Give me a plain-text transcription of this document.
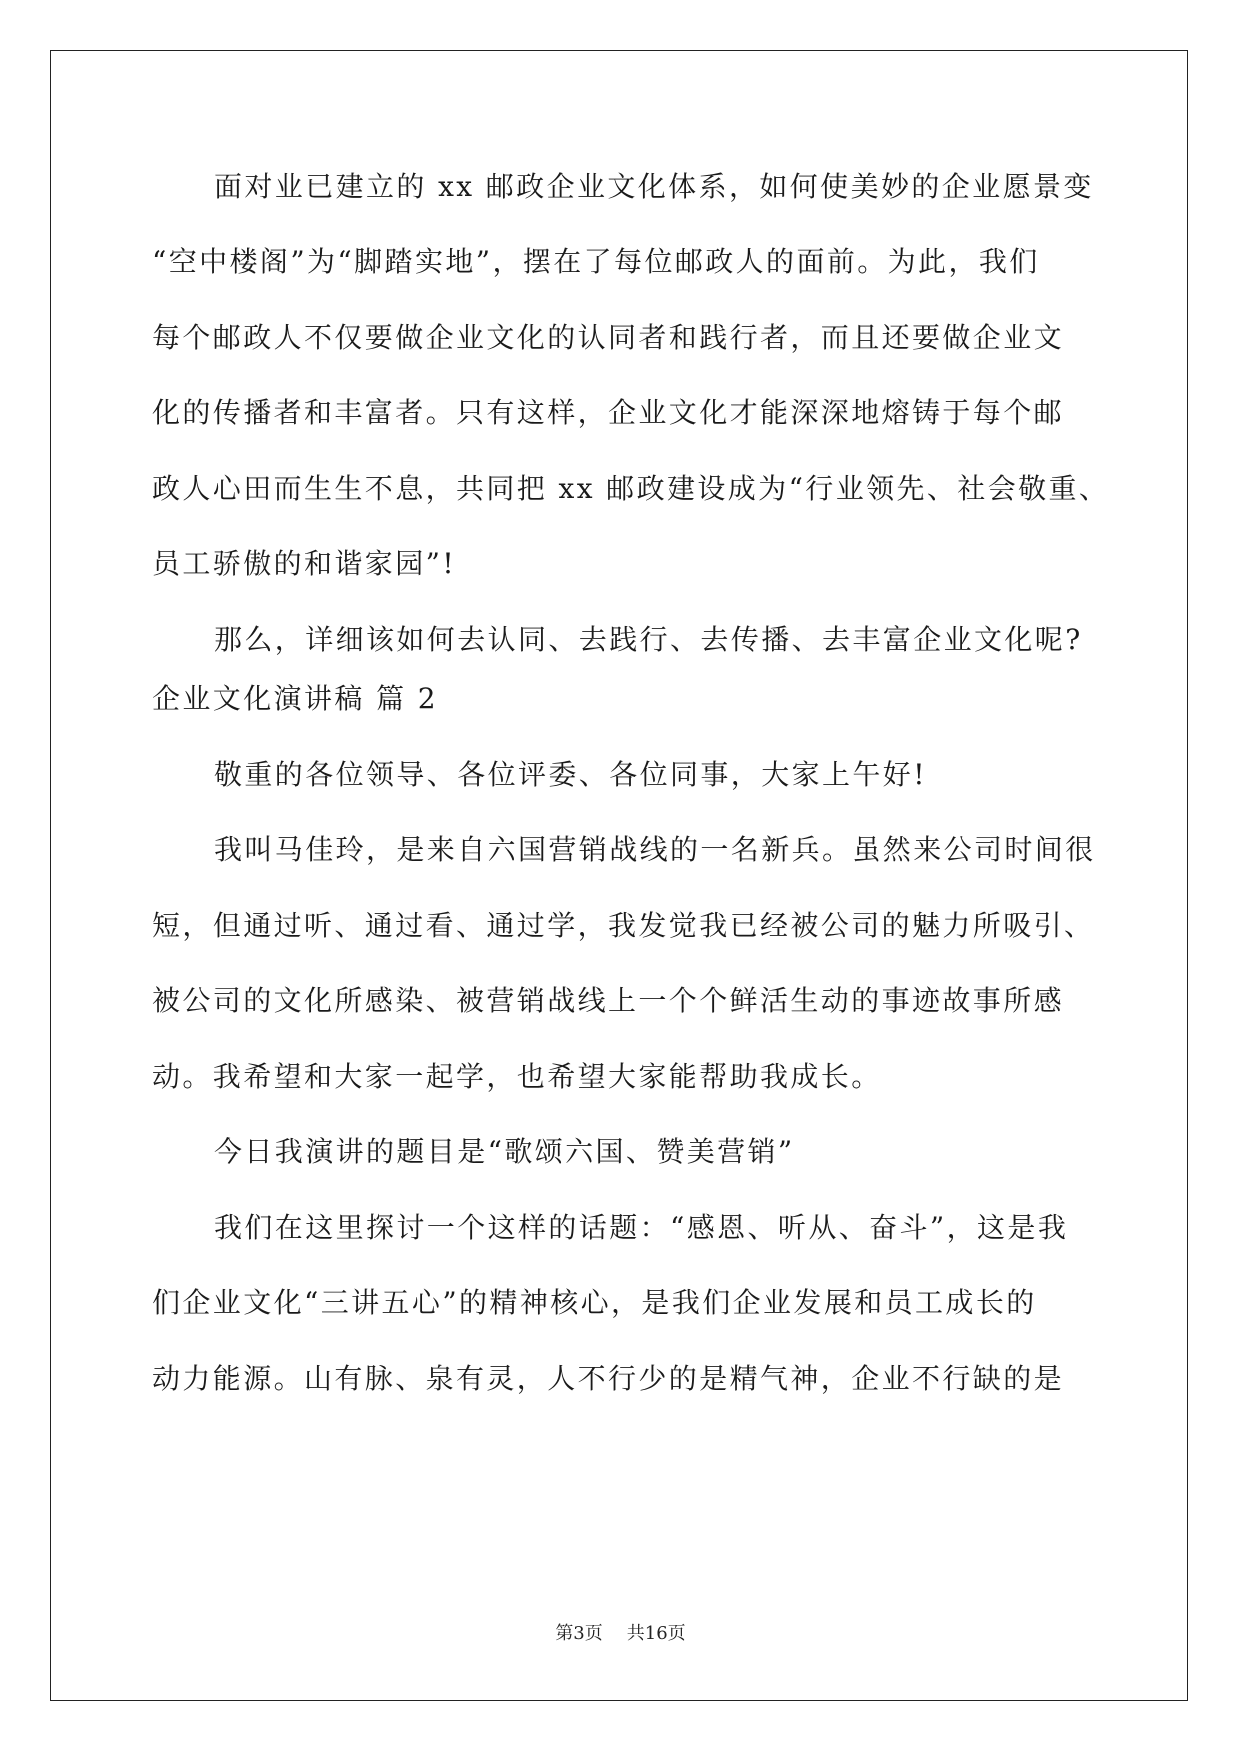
面对业已建立的 xx 邮政企业文化体系，如何使美妙的企业愿景变
“空中楼阁”为“脚踏实地”，摆在了每位邮政人的面前。为此，我们
每个邮政人不仅要做企业文化的认同者和践行者，而且还要做企业文
化的传播者和丰富者。只有这样，企业文化才能深深地熔铸于每个邮
政人心田而生生不息，共同把 xx 邮政建设成为“行业领先、社会敬重、
员工骄傲的和谐家园”!
那么，详细该如何去认同、去践行、去传播、去丰富企业文化呢?
企业文化演讲稿 篇 2
敬重的各位领导、各位评委、各位同事，大家上午好!
我叫马佳玲，是来自六国营销战线的一名新兵。虽然来公司时间很
短，但通过听、通过看、通过学，我发觉我已经被公司的魅力所吸引、
被公司的文化所感染、被营销战线上一个个鲜活生动的事迹故事所感
动。我希望和大家一起学，也希望大家能帮助我成长。
今日我演讲的题目是“歌颂六国、赞美营销”
我们在这里探讨一个这样的话题：“感恩、听从、奋斗”，这是我
们企业文化“三讲五心”的精神核心，是我们企业发展和员工成长的
动力能源。山有脉、泉有灵，人不行少的是精气神，企业不行缺的是
第3页 共16页
